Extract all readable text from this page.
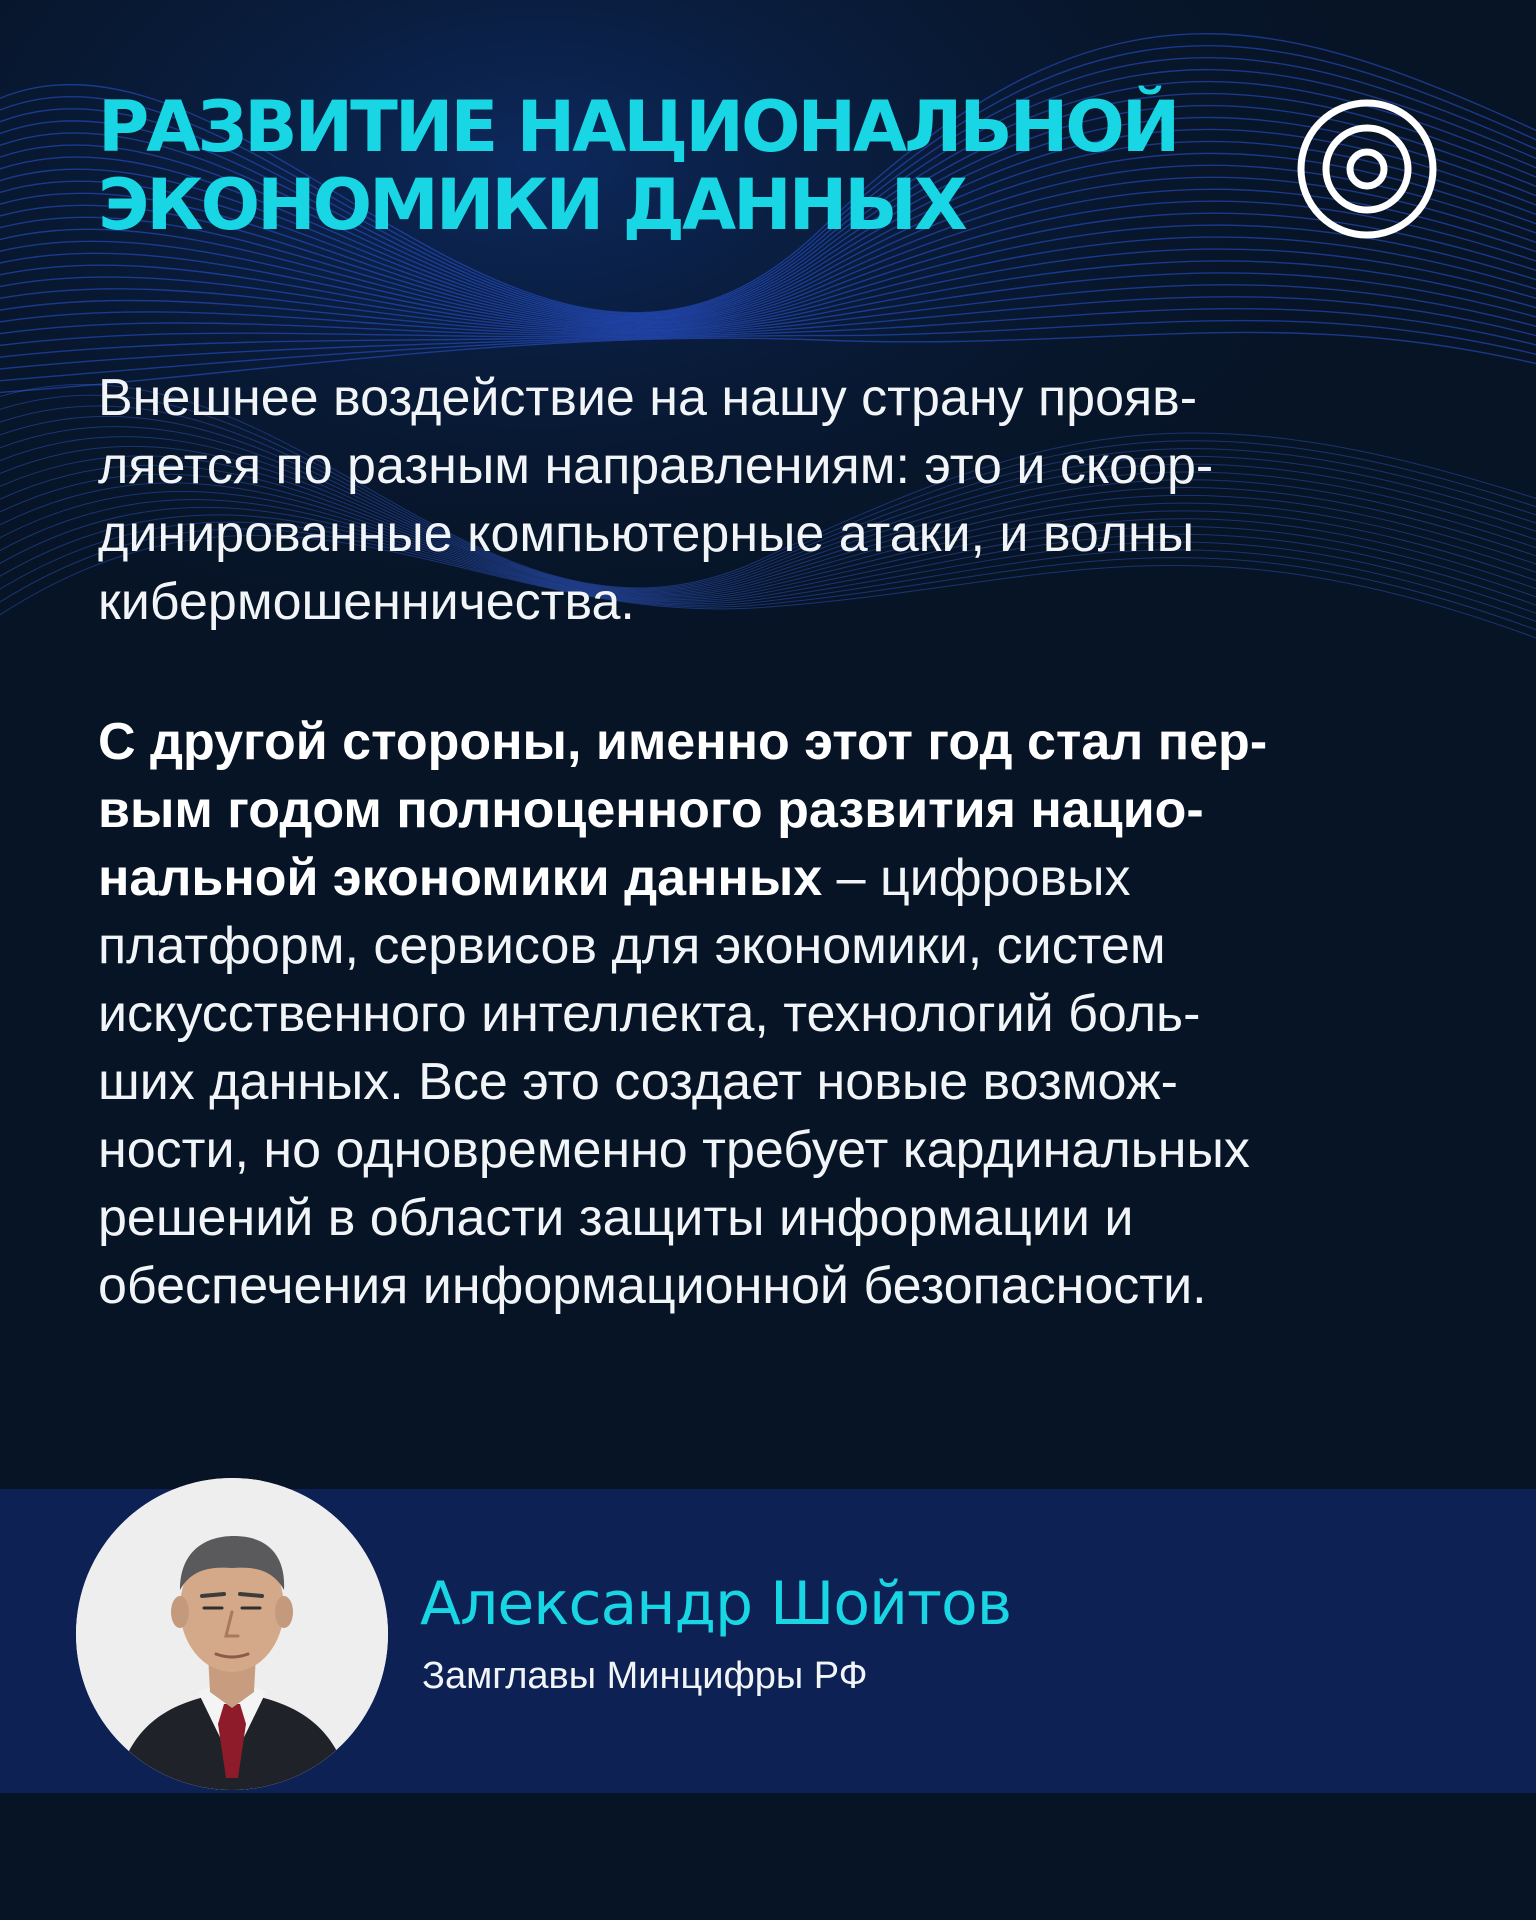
РАЗВИТИЕ НАЦИОНАЛЬНОЙ
ЭКОНОМИКИ ДАННЫХ
Внешнее воздействие на нашу страну прояв-
ляется по разным направлениям: это и скоор-
динированные компьютерные атаки, и волны
кибермошенничества.
С другой стороны, именно этот год стал пер-
вым годом полноценного развития нацио-
нальной экономики данных – цифровых
платформ, сервисов для экономики, систем
искусственного интеллекта, технологий боль-
ших данных. Все это создает новые возмож-
ности, но одновременно требует кардинальных
решений в области защиты информации и
обеспечения информационной безопасности.

Александр Шойтов

Замглавы Минцифры РФ
